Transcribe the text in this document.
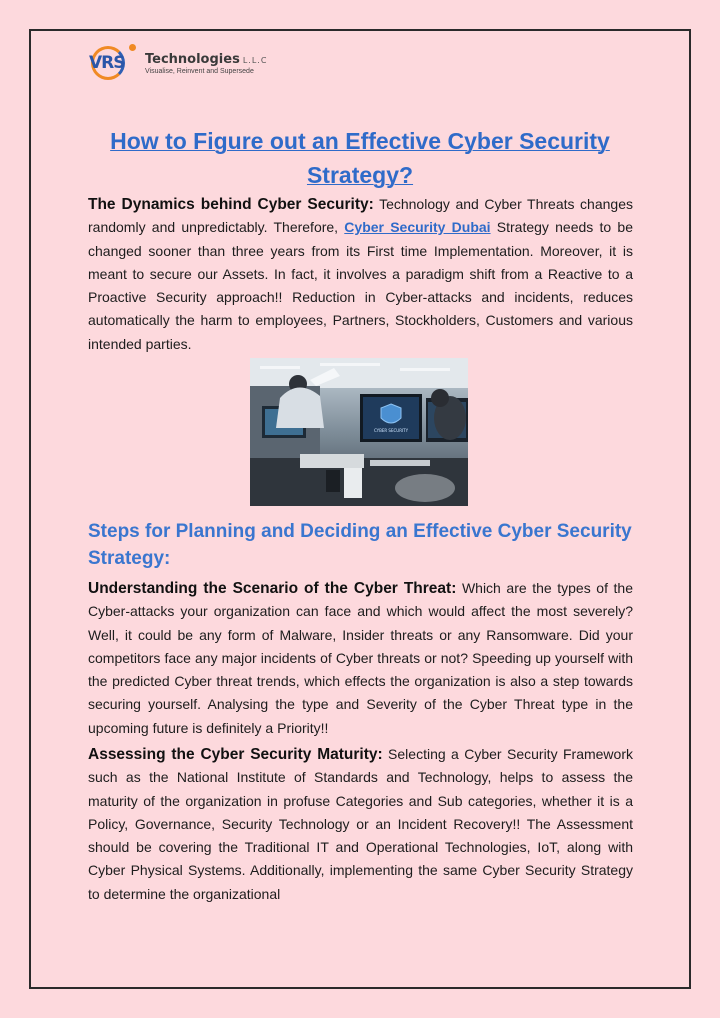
VRS Technologies L.L.C
Visualise, Reinvent and Supersede
How to Figure out an Effective Cyber Security Strategy?

The Dynamics behind Cyber Security: Technology and Cyber Threats changes randomly and unpredictably. Therefore, Cyber Security Dubai Strategy needs to be changed sooner than three years from its First time Implementation. Moreover, it is meant to secure our Assets. In fact, it involves a paradigm shift from a Reactive to a Proactive Security approach!! Reduction in Cyber-attacks and incidents, reduces automatically the harm to employees, Partners, Stockholders, Customers and various intended parties.

CYBER SECURITY
Steps for Planning and Deciding an Effective Cyber Security Strategy:

Understanding the Scenario of the Cyber Threat: Which are the types of the Cyber-attacks your organization can face and which would affect the most severely? Well, it could be any form of Malware, Insider threats or any Ransomware. Did your competitors face any major incidents of Cyber threats or not? Speeding up yourself with the predicted Cyber threat trends, which effects the organization is also a step towards securing yourself. Analysing the type and Severity of the Cyber Threat type in the upcoming future is definitely a Priority!!

Assessing the Cyber Security Maturity: Selecting a Cyber Security Framework such as the National Institute of Standards and Technology, helps to assess the maturity of the organization in profuse Categories and Sub categories, whether it is a Policy, Governance, Security Technology or an Incident Recovery!! The Assessment should be covering the Traditional IT and Operational Technologies, IoT, along with Cyber Physical Systems. Additionally, implementing the same Cyber Security Strategy to determine the organizational
